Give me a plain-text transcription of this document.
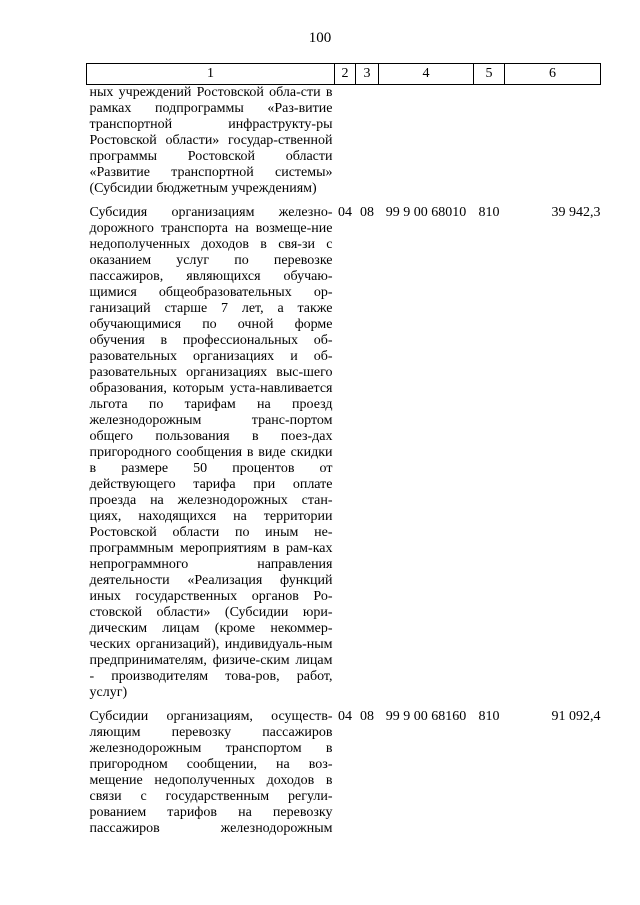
100
1	2	3	4	5	6

ных учреждений Ростовской обла-сти в рамках подпрограммы «Раз-витие транспортной инфраструкту-ры Ростовской области» государ-ственной программы Ростовской области «Развитие транспортной системы» (Субсидии бюджетным учреждениям)					

Субсидия организациям железно-дорожного транспорта на возмеще-ние недополученных доходов в свя-зи с оказанием услуг по перевозке пассажиров, являющихся обучаю-щимися общеобразовательных ор-ганизаций старше 7 лет, а также обучающимися по очной форме обучения в профессиональных об-разовательных организациях и об-разовательных организациях выс-шего образования, которым уста-навливается льгота по тарифам на проезд железнодорожным транс-портом общего пользования в поез-дах пригородного сообщения в виде скидки в размере 50 процентов от действующего тарифа при оплате проезда на железнодорожных стан-циях, находящихся на территории Ростовской области по иным не-программным мероприятиям в рам-ках непрограммного направления деятельности «Реализация функций иных государственных органов Ро-стовской области» (Субсидии юри-дическим лицам (кроме некоммер-ческих организаций), индивидуаль-ным предпринимателям, физиче-ским лицам - производителям това-ров, работ, услуг)	04	08	99 9 00 68010	810	39 942,3

Субсидии организациям, осуществ-ляющим перевозку пассажиров железнодорожным транспортом в пригородном сообщении, на воз-мещение недополученных доходов в связи с государственным регули-рованием тарифов на перевозку пассажиров железнодорожным	04	08	99 9 00 68160	810	91 092,4
